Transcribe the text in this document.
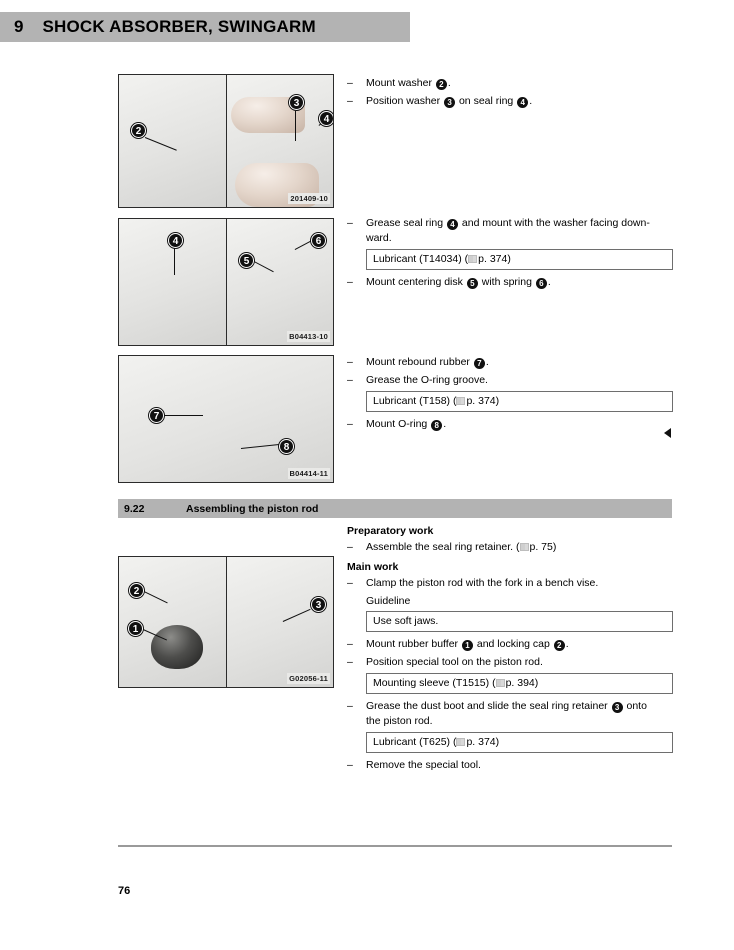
9 SHOCK ABSORBER, SWINGARM
2
3
4
201409-10
–	Mount washer 2 .
–	Position washer 3 on seal ring 4 .
4	6
5
B04413-10
–	Grease seal ring 4 and mount with the washer facing down-
ward.
Lubricant (T14034) ( p. 374)
–	Mount centering disk 5 with spring 6 .
7
8
B04414-11
–	Mount rebound rubber 7 .
–	Grease the O-ring groove.
Lubricant (T158) ( p. 374)
–	Mount O-ring 8 .
9.22	Assembling the piston rod
2
1
3
G02056-11
Preparatory work
–	Assemble the seal ring retainer. ( p. 75)
Main work
–	Clamp the piston rod with the fork in a bench vise.
Guideline
Use soft jaws.
–	Mount rubber buffer 1 and locking cap 2 .
–	Position special tool on the piston rod.
Mounting sleeve (T1515) ( p. 394)
–	Grease the dust boot and slide the seal ring retainer 3 onto
the piston rod.
Lubricant (T625) ( p. 374)
–	Remove the special tool.
76
